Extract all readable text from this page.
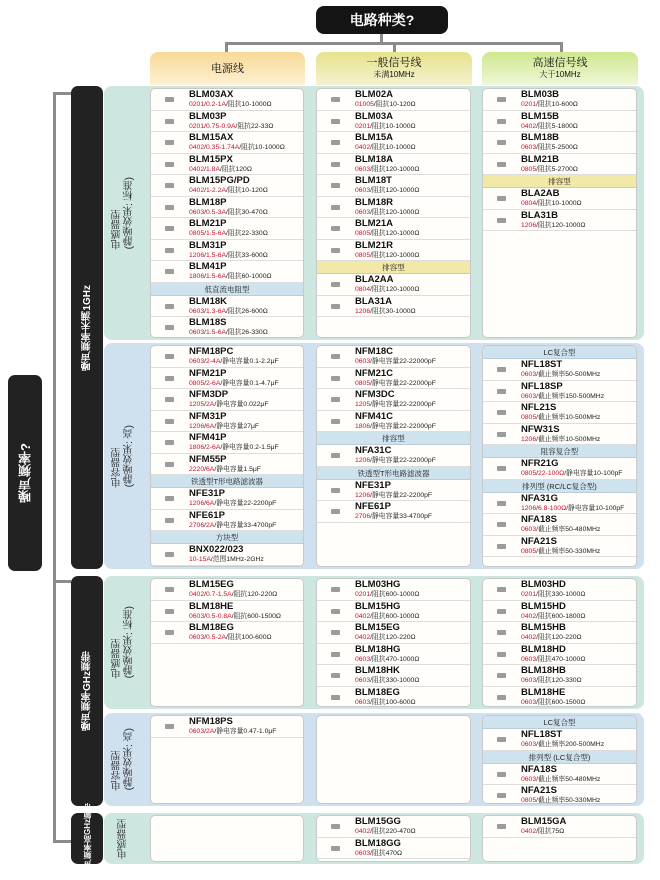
电路种类?
电源线	一般信号线
未满10MHz
高速信号线
大于10MHz
噪声频率?
噪声频率未满1GHz
噪声频率GHz频带
噪声频率高GHz频带
电感器型
(静噪效果: 标准)
BLM03AX
0201/0.2-1A/阻抗10-1000Ω
BLM03P
0201/0.75-0.9A/阻抗22-33Ω
BLM15AX
0402/0.35-1.74A/阻抗10-1000Ω
BLM15PX
0402/1.8A/阻抗120Ω
BLM15PG/PD
0402/1-2.2A/阻抗10-120Ω
BLM18P
0603/0.5-3A/阻抗30-470Ω
BLM21P
0805/1.5-6A/阻抗22-330Ω
BLM31P
1206/1.5-6A/阻抗33-600Ω
BLM41P
1806/1.5-6A/阻抗60-1000Ω
低直流电阻型
BLM18K
0603/1.3-6A/阻抗26-600Ω
BLM18S
0603/1.5-6A/阻抗26-330Ω
BLM02A
01005/阻抗10-120Ω
BLM03A
0201/阻抗10-1000Ω
BLM15A
0402/阻抗10-1000Ω
BLM18A
0603/阻抗120-1000Ω
BLM18T
0603/阻抗120-1000Ω
BLM18R
0603/阻抗120-1000Ω
BLM21A
0805/阻抗120-1000Ω
BLM21R
0805/阻抗120-1000Ω
排容型
BLA2AA
0804/阻抗120-1000Ω
BLA31A
1206/阻抗30-1000Ω
BLM03B
0201/阻抗10-600Ω
BLM15B
0402/阻抗5-1800Ω
BLM18B
0603/阻抗5-2500Ω
BLM21B
0805/阻抗5-2700Ω
排容型
BLA2AB
0804/阻抗10-1000Ω
BLA31B
1206/阻抗120-1000Ω
电容器型
(静噪效果: 高)
NFM18PC
0603/2-4A/静电容量0.1-2.2μF
NFM21P
0805/2-6A/静电容量0.1-4.7μF
NFM3DP
1205/2A/静电容量0.022μF
NFM31P
1206/6A/静电容量27μF
NFM41P
1806/2-6A/静电容量0.2-1.5μF
NFM55P
2220/6A/静电容量1.5μF
铁透型T形电路滤波器
NFE31P
1206/6A/静电容量22-2200pF
NFE61P
2706/2A/静电容量33-4700pF
方块型
BNX022/023
10-15A/范围1MHz-2GHz
NFM18C
0603/静电容量22-22000pF
NFM21C
0805/静电容量22-22000pF
NFM3DC
1205/静电容量22-22000pF
NFM41C
1806/静电容量22-22000pF
排容型
NFA31C
1206/静电容量22-22000pF
铁透型T形电路滤波器
NFE31P
1206/静电容量22-2200pF
NFE61P
2706/静电容量33-4700pF
LC复合型
NFL18ST
0603/截止频率50-500MHz
NFL18SP
0603/截止频率150-500MHz
NFL21S
0805/截止频率10-500MHz
NFW31S
1206/截止频率10-500MHz
阻容复合型
NFR21G
0805/22-100Ω/静电容量10-100pF
排列型 (RC/LC复合型)
NFA31G
1206/6.8-100Ω/静电容量10-100pF
NFA18S
0603/截止频率50-480MHz
NFA21S
0805/截止频率50-330MHz
电感器型
(静噪效果: 标准)
BLM15EG
0402/0.7-1.5A/阻抗120-220Ω
BLM18HE
0603/0.5-0.8A/阻抗600-1500Ω
BLM18EG
0603/0.5-2A/阻抗100-600Ω
BLM03HG
0201/阻抗600-1000Ω
BLM15HG
0402/阻抗600-1000Ω
BLM15EG
0402/阻抗120-220Ω
BLM18HG
0603/阻抗470-1000Ω
BLM18HK
0603/阻抗330-1000Ω
BLM18EG
0603/阻抗100-600Ω
BLM03HD
0201/阻抗330-1000Ω
BLM15HD
0402/阻抗600-1800Ω
BLM15HB
0402/阻抗120-220Ω
BLM18HD
0603/阻抗470-1000Ω
BLM18HB
0603/阻抗120-330Ω
BLM18HE
0603/阻抗600-1500Ω
电容器型
(静噪效果: 高)
NFM18PS
0603/2A/静电容量0.47-1.0μF
LC复合型
NFL18ST
0603/截止频率200-500MHz
排列型 (LC复合型)
NFA18S
0603/截止频率50-480MHz
NFA21S
0805/截止频率50-330MHz
电感器型	BLM15GG
0402/阻抗220-470Ω
BLM18GG
0603/阻抗470Ω
BLM15GA
0402/阻抗75Ω
